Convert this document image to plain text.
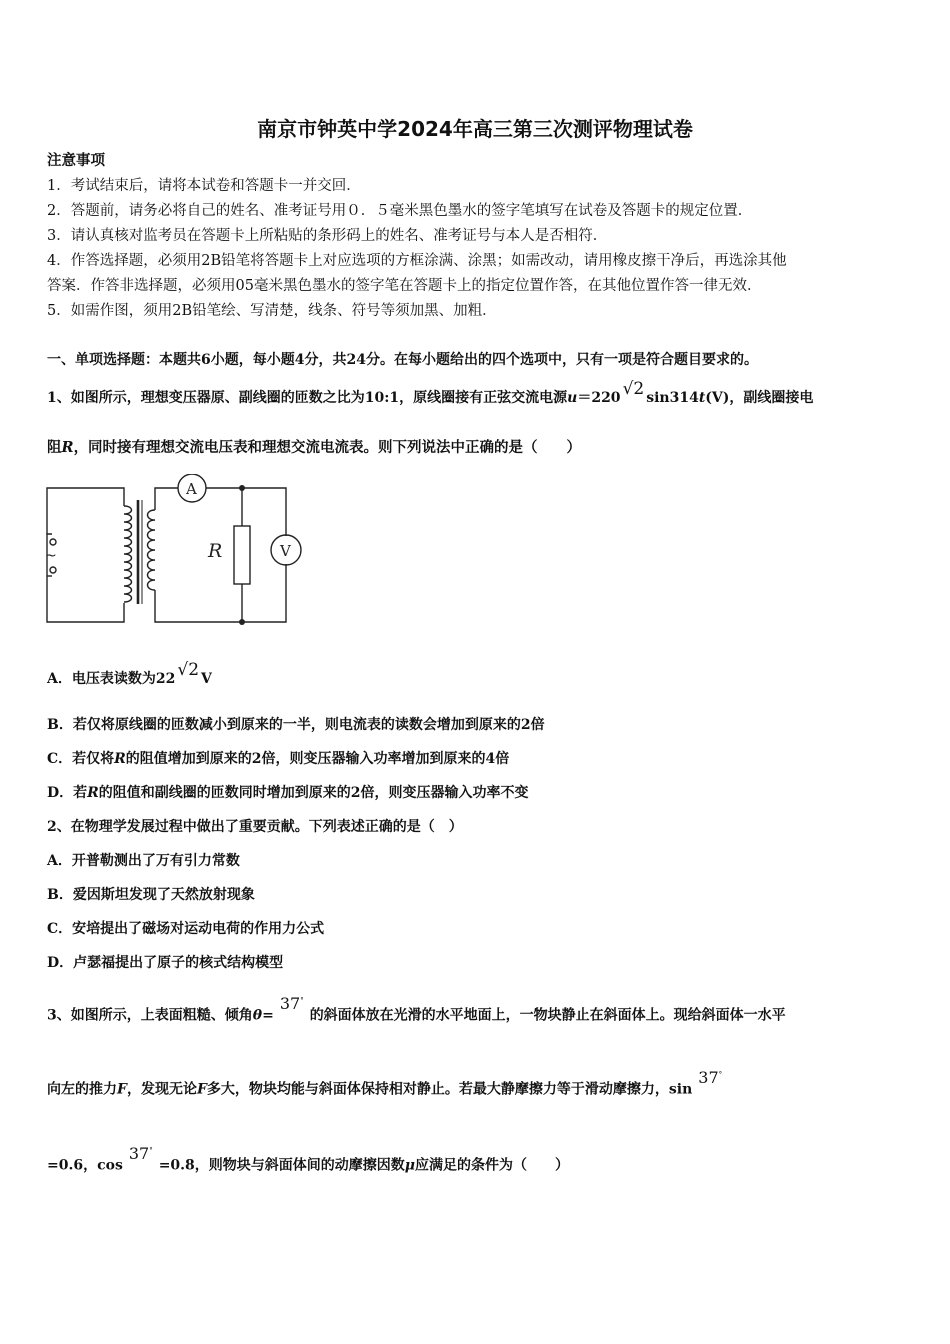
南京市钟英中学2024年高三第三次测评物理试卷
注意事项
1．考试结束后，请将本试卷和答题卡一并交回．
2．答题前，请务必将自己的姓名、准考证号用０．５毫米黑色墨水的签字笔填写在试卷及答题卡的规定位置．
3．请认真核对监考员在答题卡上所粘贴的条形码上的姓名、准考证号与本人是否相符．
4．作答选择题，必须用2B铅笔将答题卡上对应选项的方框涂满、涂黑；如需改动，请用橡皮擦干净后，再选涂其他
答案．作答非选择题，必须用05毫米黑色墨水的签字笔在答题卡上的指定位置作答，在其他位置作答一律无效．
5．如需作图，须用2B铅笔绘、写清楚，线条、符号等须加黑、加粗．
一、单项选择题：本题共6小题，每小题4分，共24分。在每小题给出的四个选项中，只有一项是符合题目要求的。
1、如图所示，理想变压器原、副线圈的匝数之比为10:1，原线圈接有正弦交流电源u＝220 √2 sin314t(V)，副线圈接电
阻R，同时接有理想交流电压表和理想交流电流表。则下列说法中正确的是（　　）
A
V
R
~
A．电压表读数为22 √2 V
B．若仅将原线圈的匝数减小到原来的一半，则电流表的读数会增加到原来的2倍
C．若仅将R的阻值增加到原来的2倍，则变压器输入功率增加到原来的4倍
D．若R的阻值和副线圈的匝数同时增加到原来的2倍，则变压器输入功率不变
2、在物理学发展过程中做出了重要贡献。下列表述正确的是（　）
A．开普勒测出了万有引力常数
B．爱因斯坦发现了天然放射现象
C．安培提出了磁场对运动电荷的作用力公式
D．卢瑟福提出了原子的核式结构模型
3、如图所示，上表面粗糙、倾角θ=37°的斜面体放在光滑的水平地面上，一物块静止在斜面体上。现给斜面体一水平
向左的推力F，发现无论F多大，物块均能与斜面体保持相对静止。若最大静摩擦力等于滑动摩擦力，sin37°
=0.6，cos37°=0.8，则物块与斜面体间的动摩擦因数μ应满足的条件为（　　）
